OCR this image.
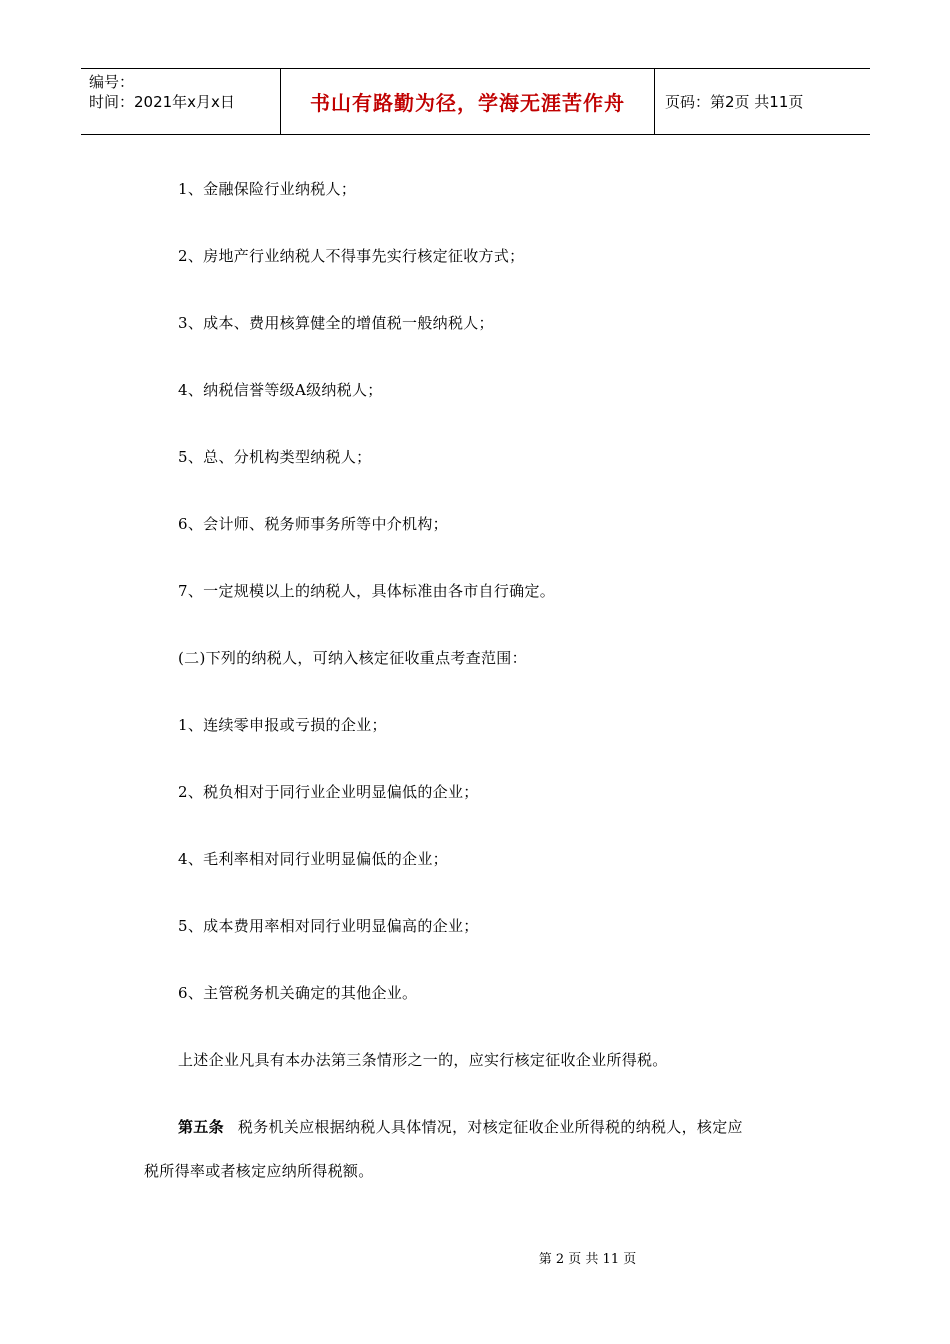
编号：
时间：2021年x月x日	书山有路勤为径，学海无涯苦作舟	页码：第2页 共11页
1、金融保险行业纳税人；
2、房地产行业纳税人不得事先实行核定征收方式；
3、成本、费用核算健全的增值税一般纳税人；
4、纳税信誉等级A级纳税人；
5、总、分机构类型纳税人；
6、会计师、税务师事务所等中介机构；
7、一定规模以上的纳税人，具体标准由各市自行确定。
(二)下列的纳税人，可纳入核定征收重点考查范围：
1、连续零申报或亏损的企业；
2、税负相对于同行业企业明显偏低的企业；
4、毛利率相对同行业明显偏低的企业；
5、成本费用率相对同行业明显偏高的企业；
6、主管税务机关确定的其他企业。
上述企业凡具有本办法第三条情形之一的，应实行核定征收企业所得税。
第五条 税务机关应根据纳税人具体情况，对核定征收企业所得税的纳税人，核定应
税所得率或者核定应纳所得税额。
第 2 页 共 11 页
